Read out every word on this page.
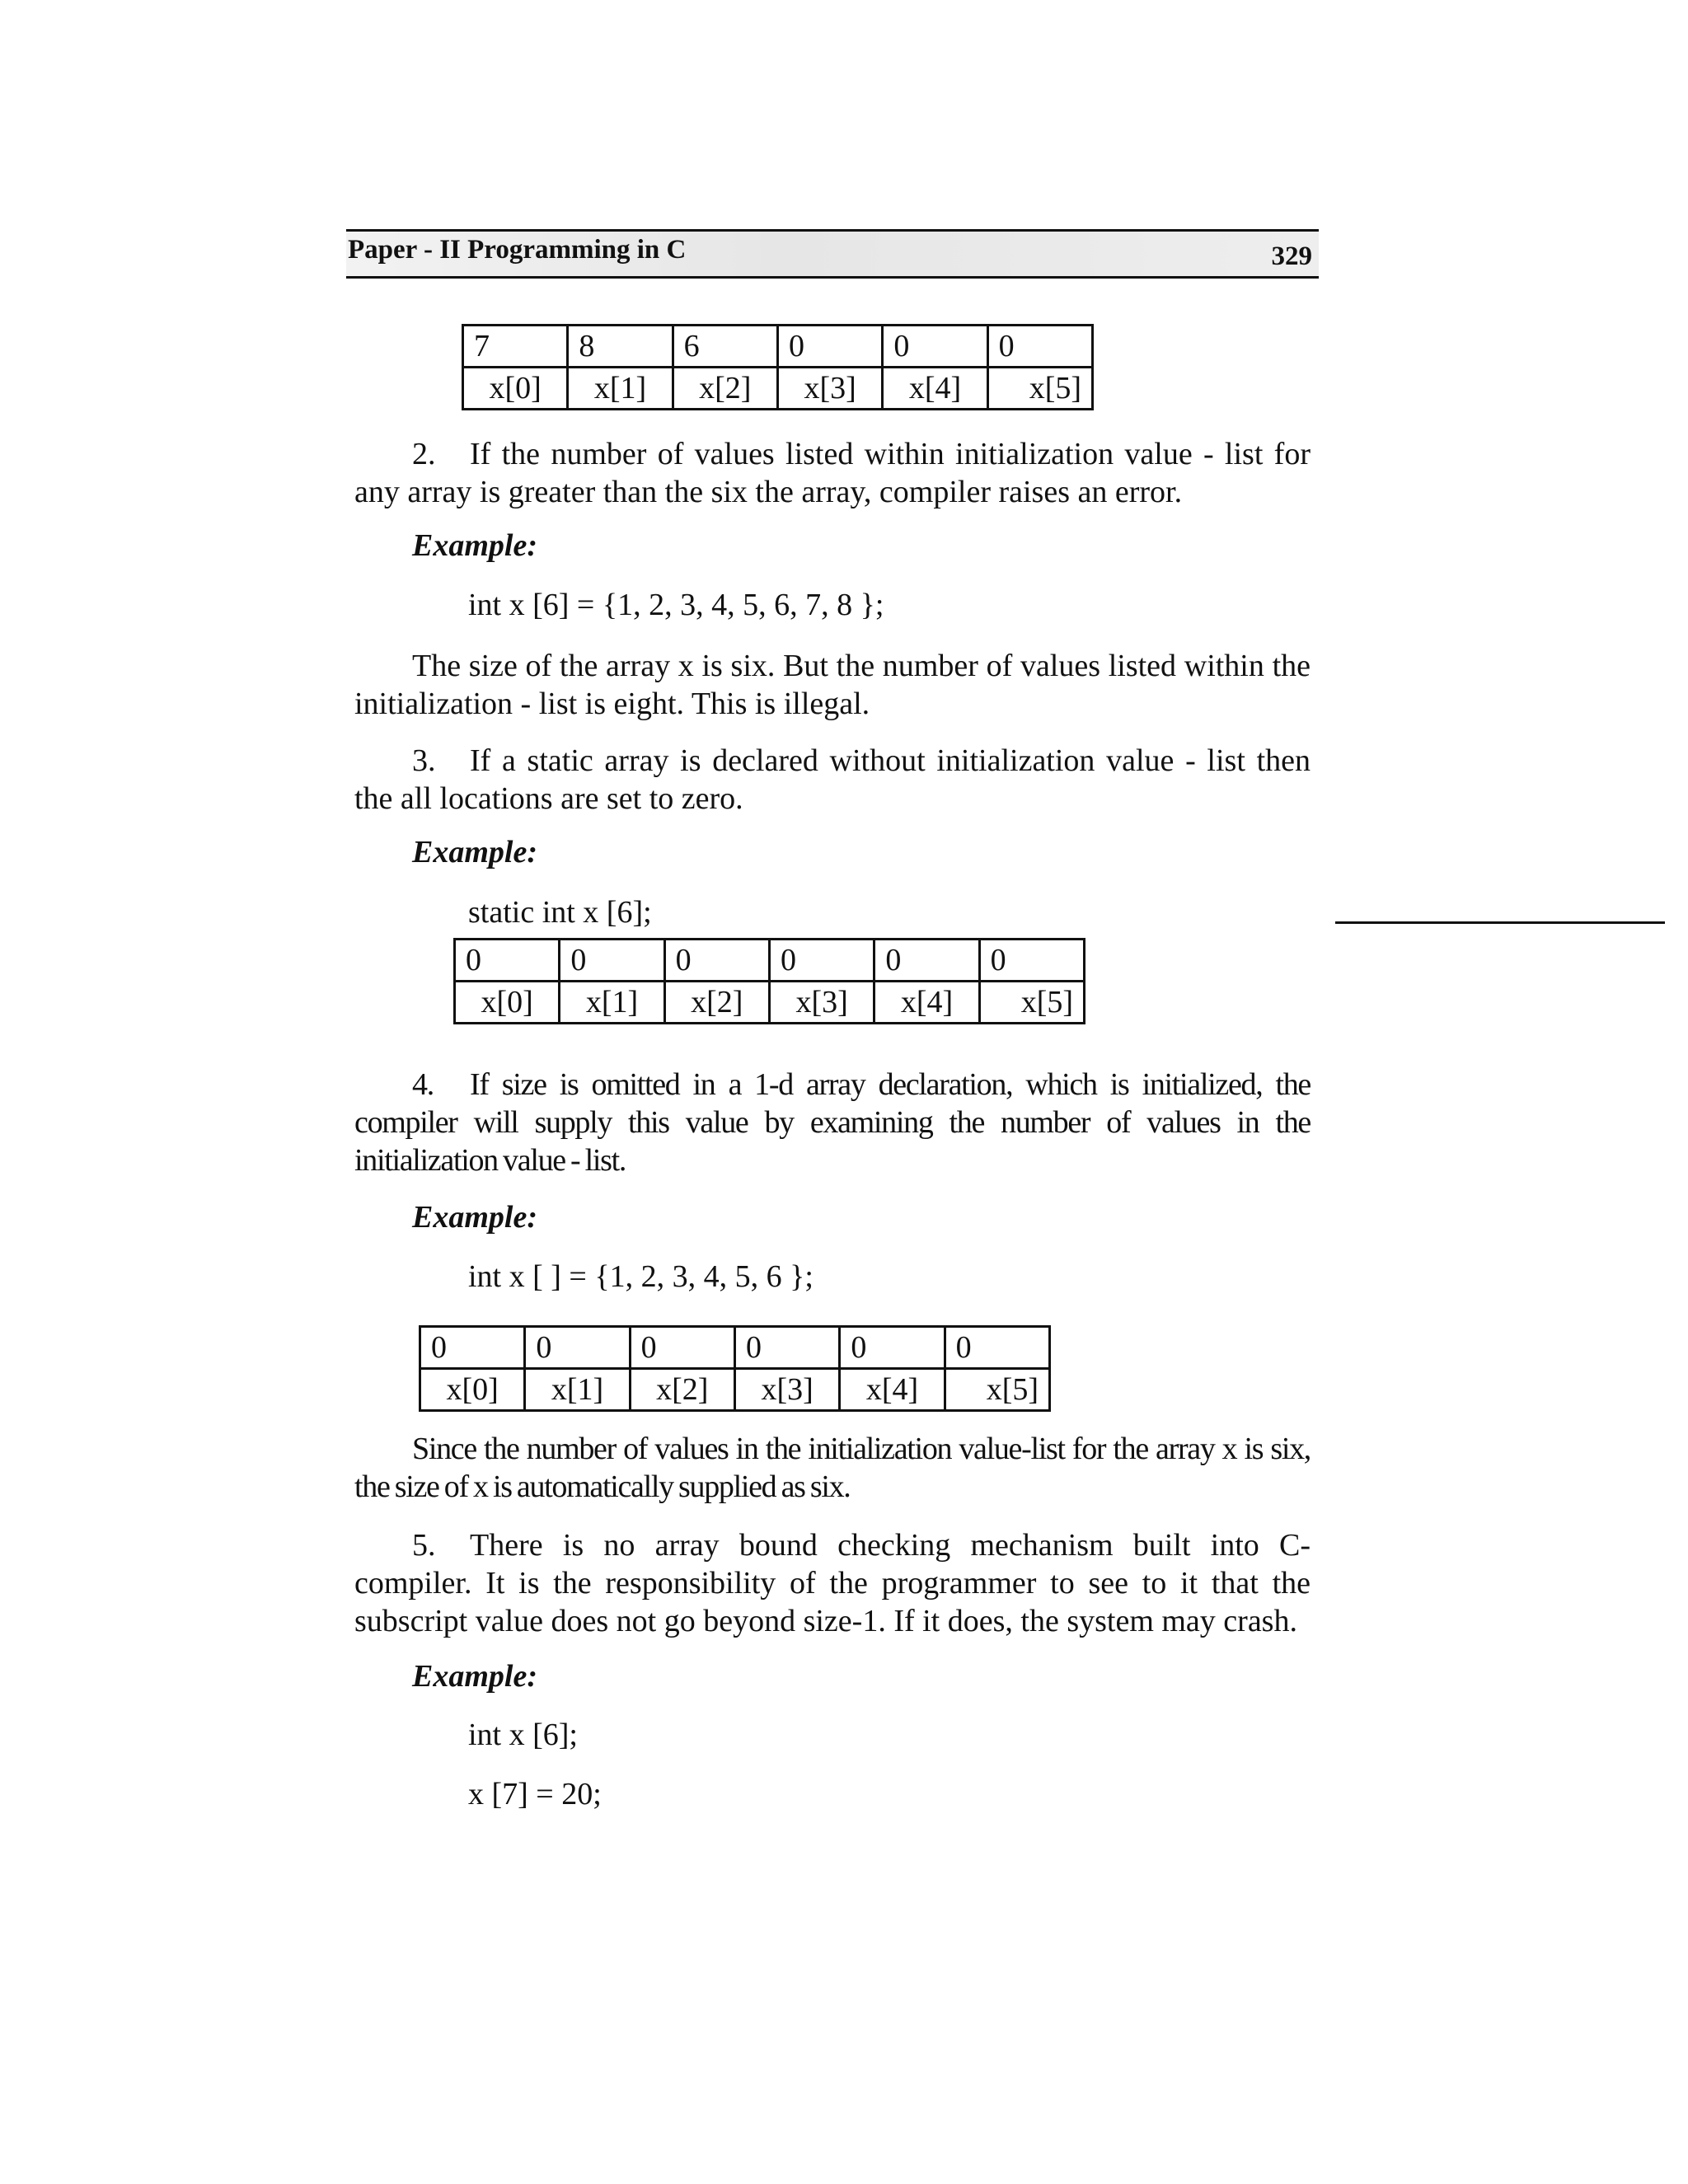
Paper - II Programming in C	329
7	8	6	0	0	0
x[0]	x[1]	x[2]	x[3]	x[4]	x[5]

2. If the number of values listed within initialization value - list for any array is greater than the six the array, compiler raises an error.

Example:
int x [6] = {1, 2, 3, 4, 5, 6, 7, 8 };

The size of the array x is six. But the number of values listed within the initialization - list is eight. This is illegal.

3. If a static array is declared without initialization value - list then the all locations are set to zero.

Example:
static int x [6];
0	0	0	0	0	0
x[0]	x[1]	x[2]	x[3]	x[4]	x[5]

4. If size is omitted in a 1-d array declaration, which is initialized, the compiler will supply this value by examining the number of values in the initialization value - list.

Example:
int x [ ] = {1, 2, 3, 4, 5, 6 };
0	0	0	0	0	0
x[0]	x[1]	x[2]	x[3]	x[4]	x[5]

Since the number of values in the initialization value-list for the array x is six, the size of x is automatically supplied as six.

5. There is no array bound checking mechanism built into C-compiler. It is the responsibility of the programmer to see to it that the subscript value does not go beyond size-1. If it does, the system may crash.

Example:
int x [6];
x [7] = 20;
